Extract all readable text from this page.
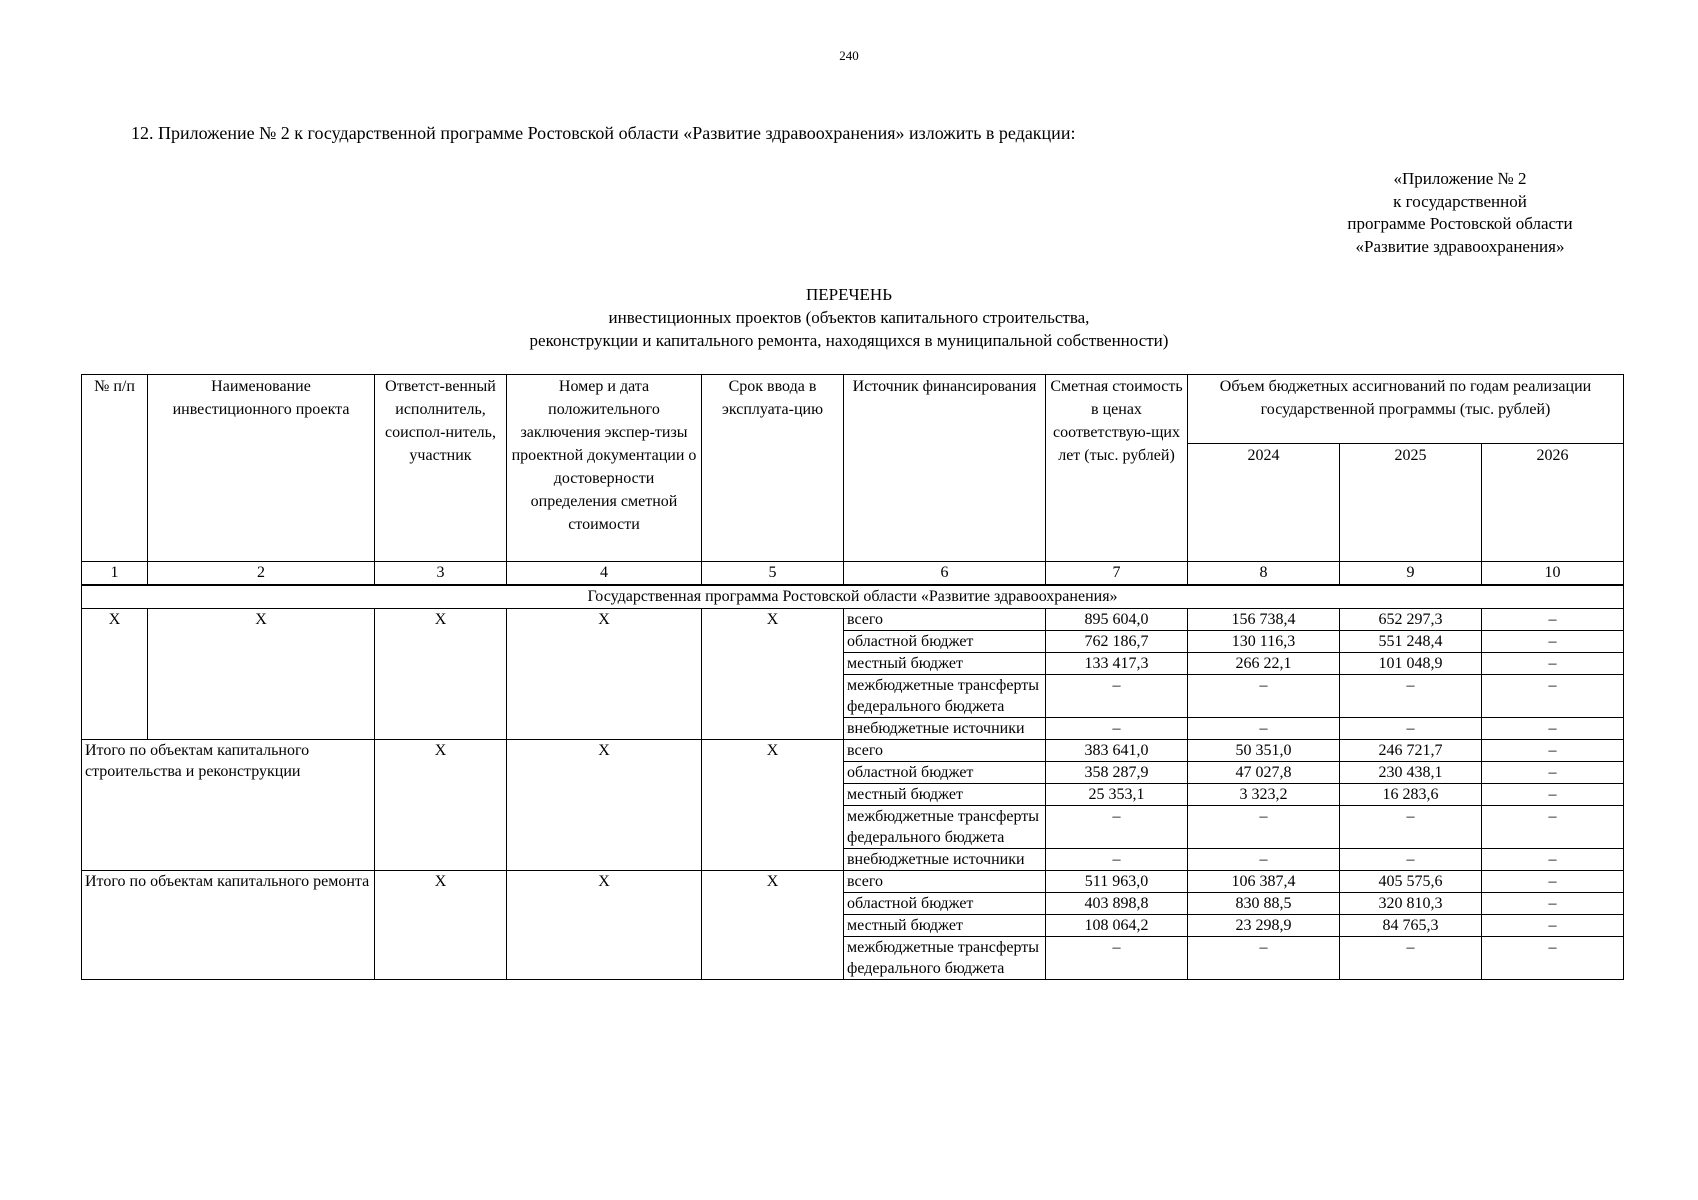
240
12. Приложение № 2 к государственной программе Ростовской области «Развитие здравоохранения» изложить в редакции:
«Приложение № 2
к государственной
программе Ростовской области
«Развитие здравоохранения»
ПЕРЕЧЕНЬ
инвестиционных проектов (объектов капитального строительства,
реконструкции и капитального ремонта, находящихся в муниципальной собственности)
№ п/п	Наименование инвестиционного проекта	Ответст-венный исполнитель, соиспол-нитель, участник	Номер и дата положительного заключения экспер-тизы проектной документации о достоверности определения сметной стоимости	Срок ввода в эксплуата-цию	Источник финансирования	Сметная стоимость в ценах соответствую-щих лет (тыс. рублей)	Объем бюджетных ассигнований по годам реализации государственной программы (тыс. рублей)		
							2024	2025	2026
1	2	3	4	5	6	7	8	9	10
Государственная программа Ростовской области «Развитие здравоохранения»									
X	X	X	X	X	всего	895 604,0	156 738,4	652 297,3	–
					областной бюджет	762 186,7	130 116,3	551 248,4	–
					местный бюджет	133 417,3	266 22,1	101 048,9	–
					межбюджетные трансферты федерального бюджета	–	–	–	–
					внебюджетные источники	–	–	–	–
Итого по объектам капитального строительства и реконструкции		X	X	X	всего	383 641,0	50 351,0	246 721,7	–
					областной бюджет	358 287,9	47 027,8	230 438,1	–
					местный бюджет	25 353,1	3 323,2	16 283,6	–
					межбюджетные трансферты федерального бюджета	–	–	–	–
					внебюджетные источники	–	–	–	–
Итого по объектам капитального ремонта		X	X	X	всего	511 963,0	106 387,4	405 575,6	–
					областной бюджет	403 898,8	830 88,5	320 810,3	–
					местный бюджет	108 064,2	23 298,9	84 765,3	–
					межбюджетные трансферты федерального бюджета	–	–	–	–
